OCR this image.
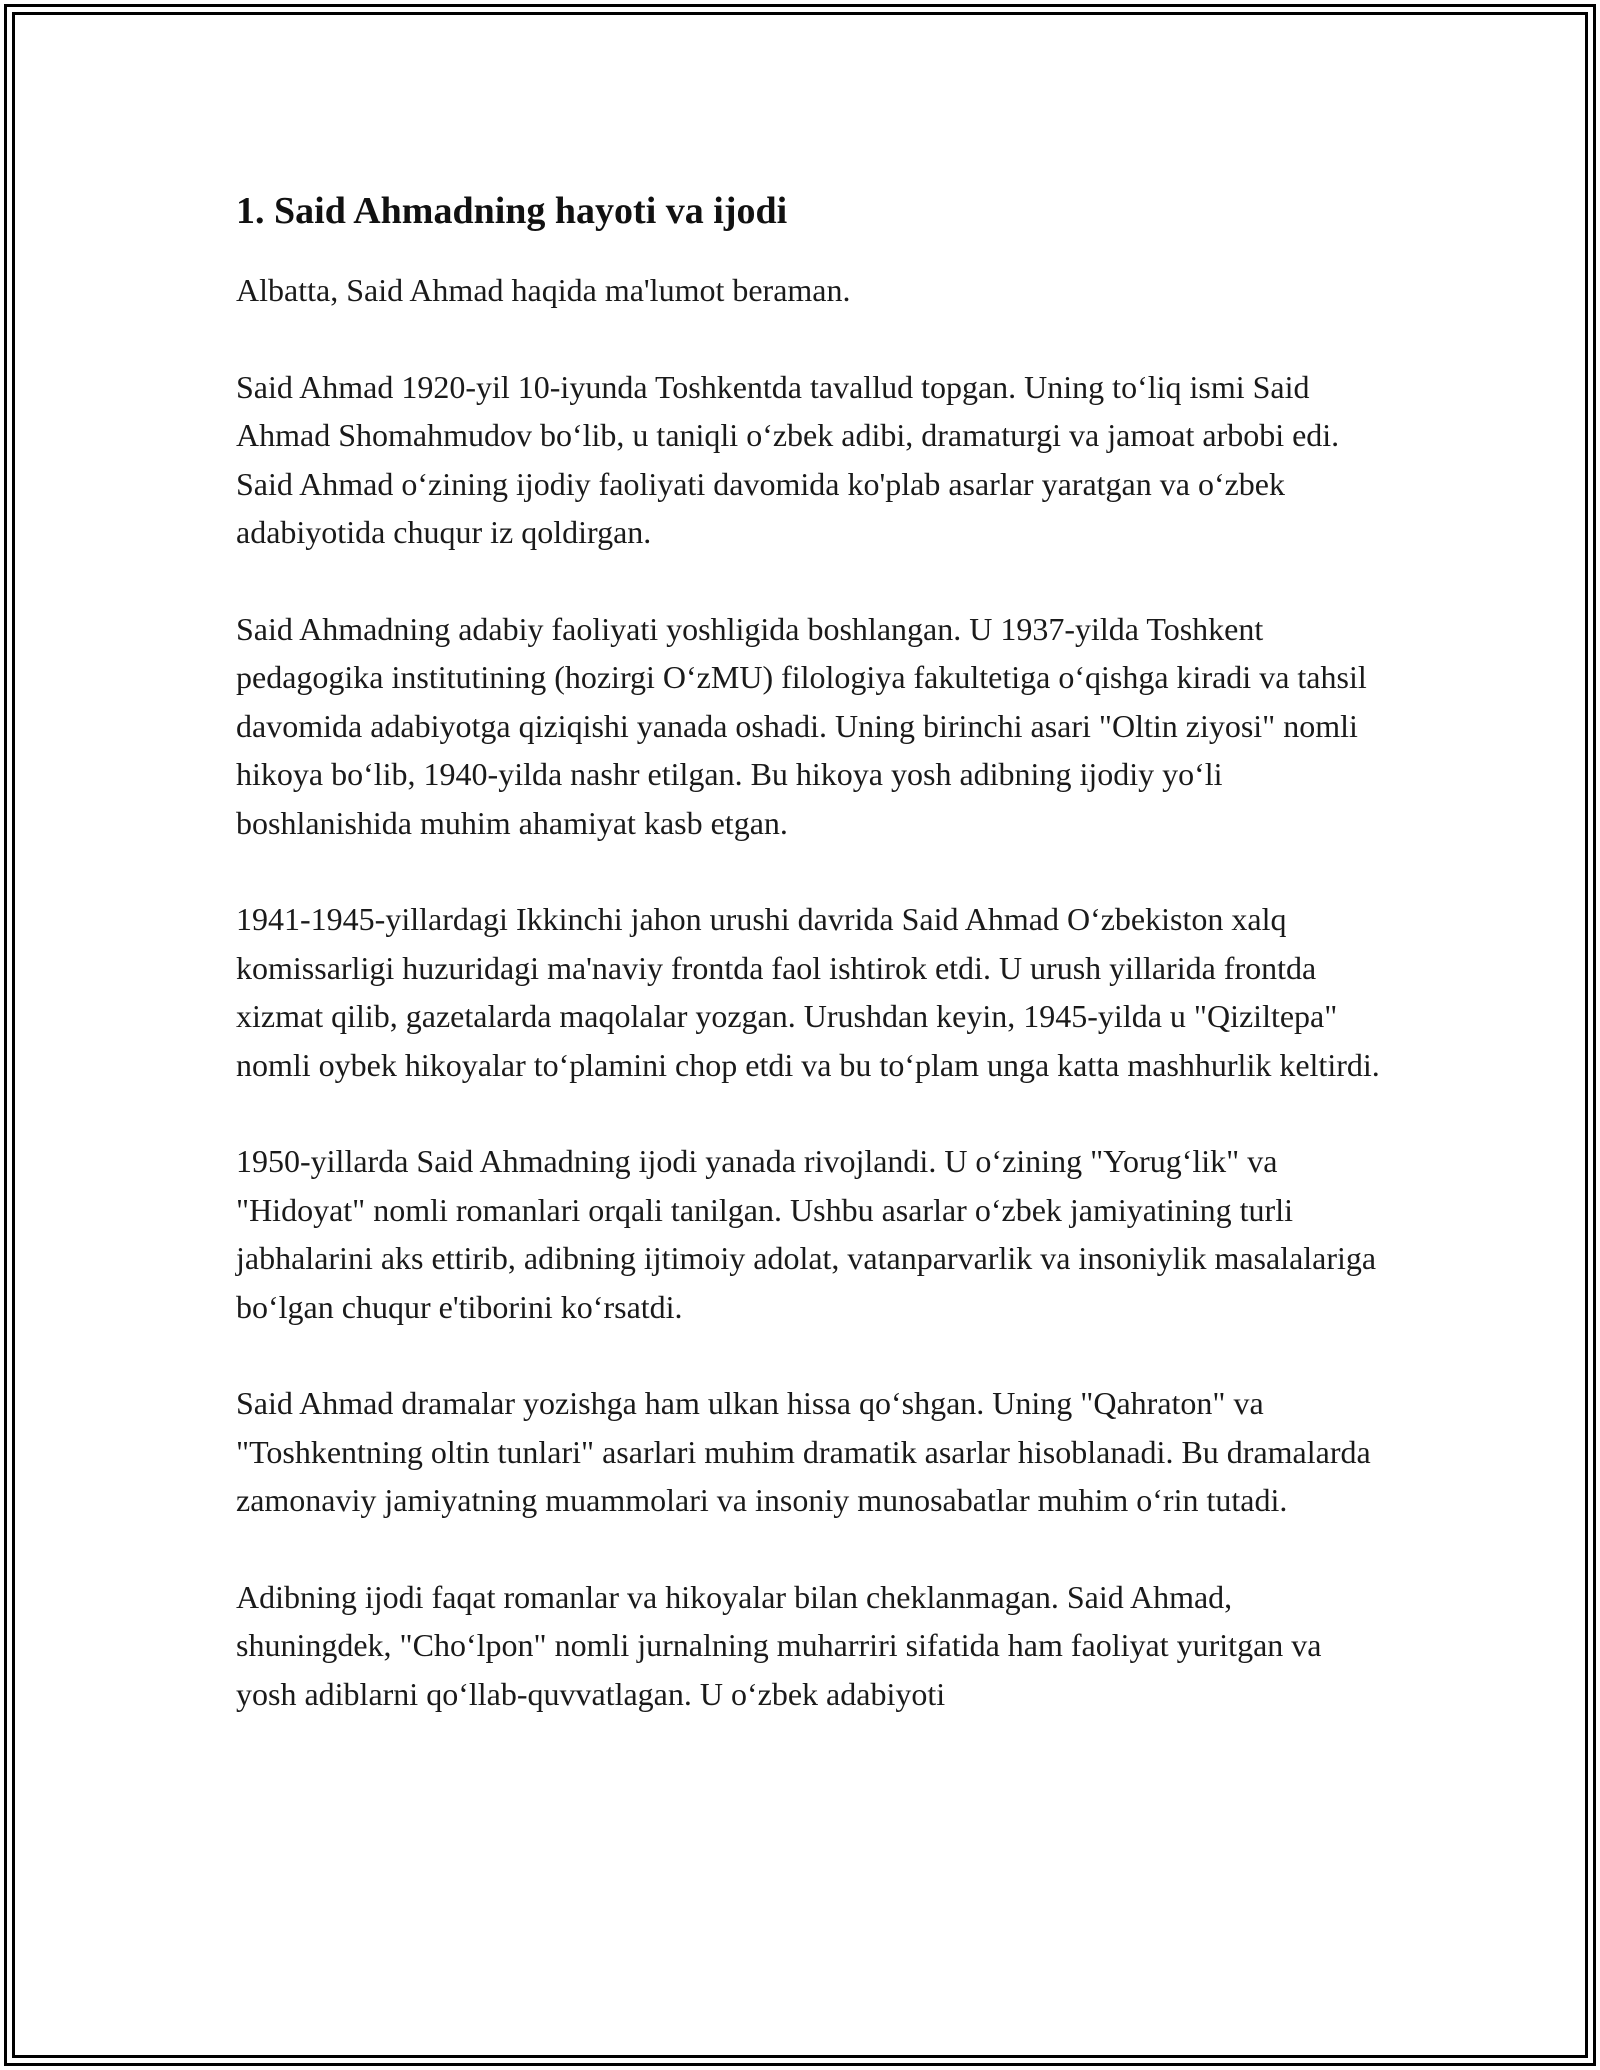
1. Said Ahmadning hayoti va ijodi

Albatta, Said Ahmad haqida ma'lumot beraman.

Said Ahmad 1920-yil 10-iyunda Toshkentda tavallud topgan. Uning to‘liq ismi Said Ahmad Shomahmudov bo‘lib, u taniqli o‘zbek adibi, dramaturgi va jamoat arbobi edi. Said Ahmad o‘zining ijodiy faoliyati davomida ko'plab asarlar yaratgan va o‘zbek adabiyotida chuqur iz qoldirgan.

Said Ahmadning adabiy faoliyati yoshligida boshlangan. U 1937-yilda Toshkent pedagogika institutining (hozirgi O‘zMU) filologiya fakultetiga o‘qishga kiradi va tahsil davomida adabiyotga qiziqishi yanada oshadi. Uning birinchi asari "Oltin ziyosi" nomli hikoya bo‘lib, 1940-yilda nashr etilgan. Bu hikoya yosh adibning ijodiy yo‘li boshlanishida muhim ahamiyat kasb etgan.

1941-1945-yillardagi Ikkinchi jahon urushi davrida Said Ahmad O‘zbekiston xalq komissarligi huzuridagi ma'naviy frontda faol ishtirok etdi. U urush yillarida frontda xizmat qilib, gazetalarda maqolalar yozgan. Urushdan keyin, 1945-yilda u "Qiziltepa" nomli oybek hikoyalar to‘plamini chop etdi va bu to‘plam unga katta mashhurlik keltirdi.

1950-yillarda Said Ahmadning ijodi yanada rivojlandi. U o‘zining "Yorug‘lik" va "Hidoyat" nomli romanlari orqali tanilgan. Ushbu asarlar o‘zbek jamiyatining turli jabhalarini aks ettirib, adibning ijtimoiy adolat, vatanparvarlik va insoniylik masalalariga bo‘lgan chuqur e'tiborini ko‘rsatdi.

Said Ahmad dramalar yozishga ham ulkan hissa qo‘shgan. Uning "Qahraton" va "Toshkentning oltin tunlari" asarlari muhim dramatik asarlar hisoblanadi. Bu dramalarda zamonaviy jamiyatning muammolari va insoniy munosabatlar muhim o‘rin tutadi.

Adibning ijodi faqat romanlar va hikoyalar bilan cheklanmagan. Said Ahmad, shuningdek, "Cho‘lpon" nomli jurnalning muharriri sifatida ham faoliyat yuritgan va yosh adiblarni qo‘llab-quvvatlagan. U o‘zbek adabiyoti
